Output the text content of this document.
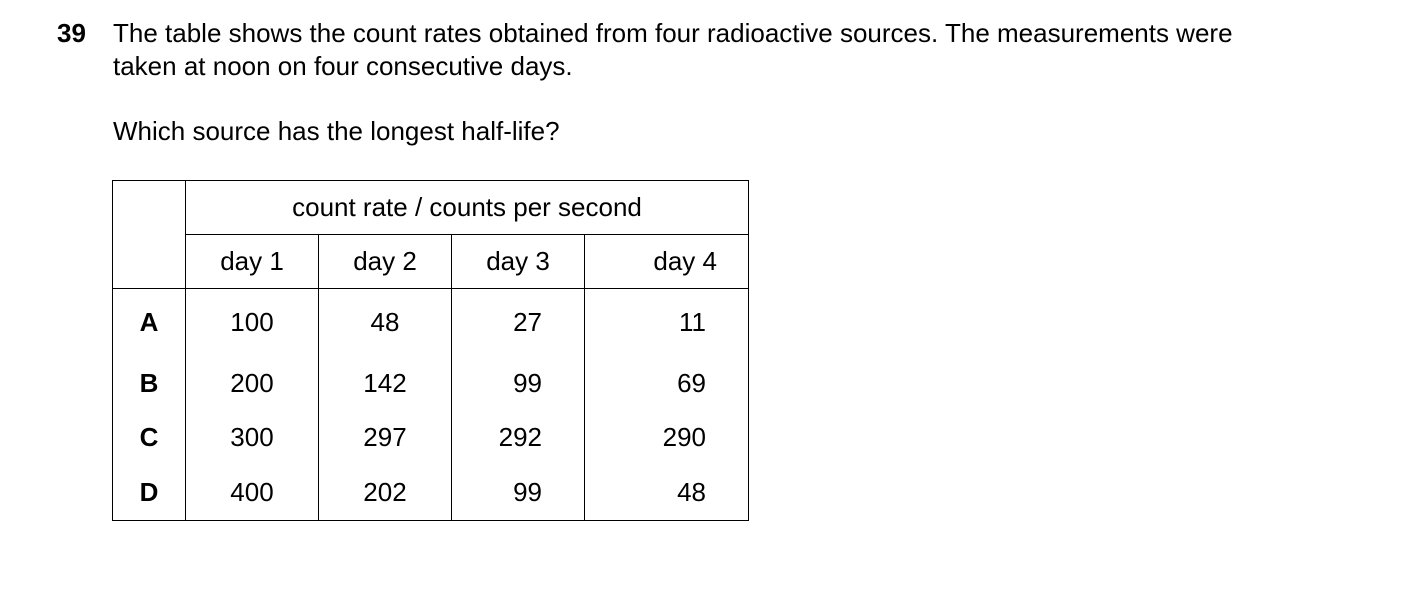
39 The table shows the count rates obtained from four radioactive sources. The measurements were

taken at noon on four consecutive days.

Which source has the longest half-life?

	count rate / counts per second			
	day 1	day 2	day 3	day 4
A	100	48	27	11
B	200	142	99	69
C	300	297	292	290
D	400	202	99	48
